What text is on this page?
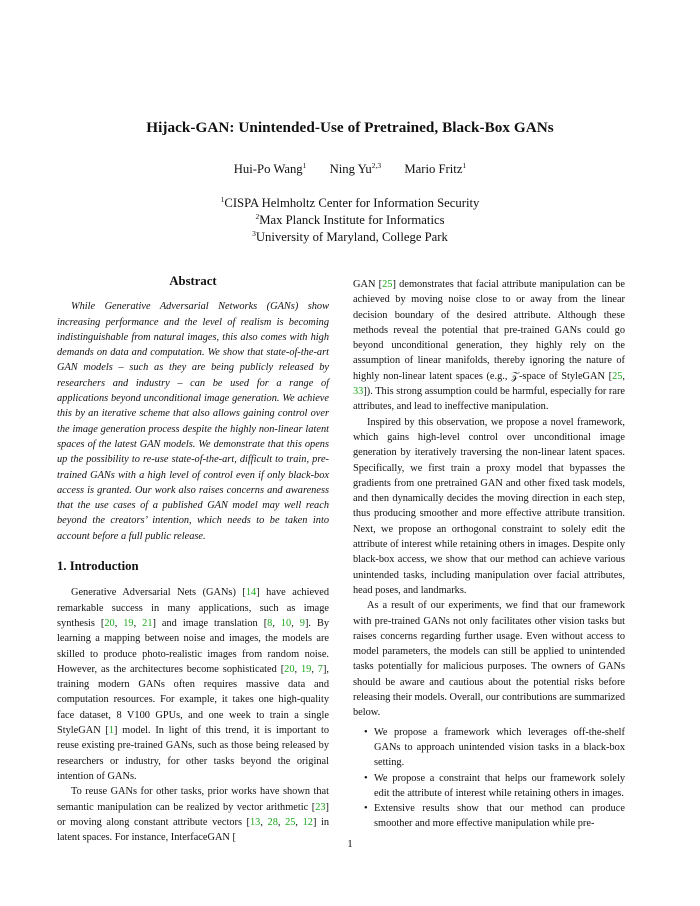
Hijack-GAN: Unintended-Use of Pretrained, Black-Box GANs
Hui-Po Wang$^1$ Ning Yu$^{2,3}$ Mario Fritz$^1$
$^1$CISPA Helmholtz Center for Information Security
$^2$Max Planck Institute for Informatics
$^3$University of Maryland, College Park
Abstract

While Generative Adversarial Networks (GANs) show increasing performance and the level of realism is becoming indistinguishable from natural images, this also comes with high demands on data and computation. We show that state-of-the-art GAN models – such as they are being publicly released by researchers and industry – can be used for a range of applications beyond unconditional image generation. We achieve this by an iterative scheme that also allows gaining control over the image generation process despite the highly non-linear latent spaces of the latest GAN models. We demonstrate that this opens up the possibility to re-use state-of-the-art, difficult to train, pre-trained GANs with a high level of control even if only black-box access is granted. Our work also raises concerns and awareness that the use cases of a published GAN model may well reach beyond the creators’ intention, which needs to be taken into account before a full public release.

1. Introduction

Generative Adversarial Nets (GANs) [14] have achieved remarkable success in many applications, such as image synthesis [20, 19, 21] and image translation [8, 10, 9]. By learning a mapping between noise and images, the models are skilled to produce photo-realistic images from random noise. However, as the architectures become sophisticated [20, 19, 7], training modern GANs often requires massive data and computation resources. For example, it takes one high-quality face dataset, 8 V100 GPUs, and one week to train a single StyleGAN [1] model. In light of this trend, it is important to reuse existing pre-trained GANs, such as those being released by researchers or industry, for other tasks beyond the original intention of GANs.

To reuse GANs for other tasks, prior works have shown that semantic manipulation can be realized by vector arithmetic [23] or moving along constant attribute vectors [13, 28, 25, 12] in latent spaces. For instance, InterfaceGAN [

GAN [25] demonstrates that facial attribute manipulation can be achieved by moving noise close to or away from the linear decision boundary of the desired attribute. Although these methods reveal the potential that pre-trained GANs could go beyond unconditional generation, they highly rely on the assumption of linear manifolds, thereby ignoring the nature of highly non-linear latent spaces (e.g., 𝒵-space of StyleGAN [25, 33]). This strong assumption could be harmful, especially for rare attributes, and lead to ineffective manipulation.

Inspired by this observation, we propose a novel framework, which gains high-level control over unconditional image generation by iteratively traversing the non-linear latent spaces. Specifically, we first train a proxy model that bypasses the gradients from one pretrained GAN and other fixed task models, and then dynamically decides the moving direction in each step, thus producing smoother and more effective attribute transition. Next, we propose an orthogonal constraint to solely edit the attribute of interest while retaining others in images. Despite only black-box access, we show that our method can achieve various unintended tasks, including manipulation over facial attributes, head poses, and landmarks.

As a result of our experiments, we find that our framework with pre-trained GANs not only facilitates other vision tasks but raises concerns regarding further usage. Even without access to model parameters, the models can still be applied to unintended tasks potentially for malicious purposes. The owners of GANs should be aware and cautious about the potential risks before releasing their models. Overall, our contributions are summarized below.

• We propose a framework which leverages off-the-shelf GANs to approach unintended vision tasks in a black-box setting.
• We propose a constraint that helps our framework solely edit the attribute of interest while retaining others in images.
• Extensive results show that our method can produce smoother and more effective manipulation while pre-
1
